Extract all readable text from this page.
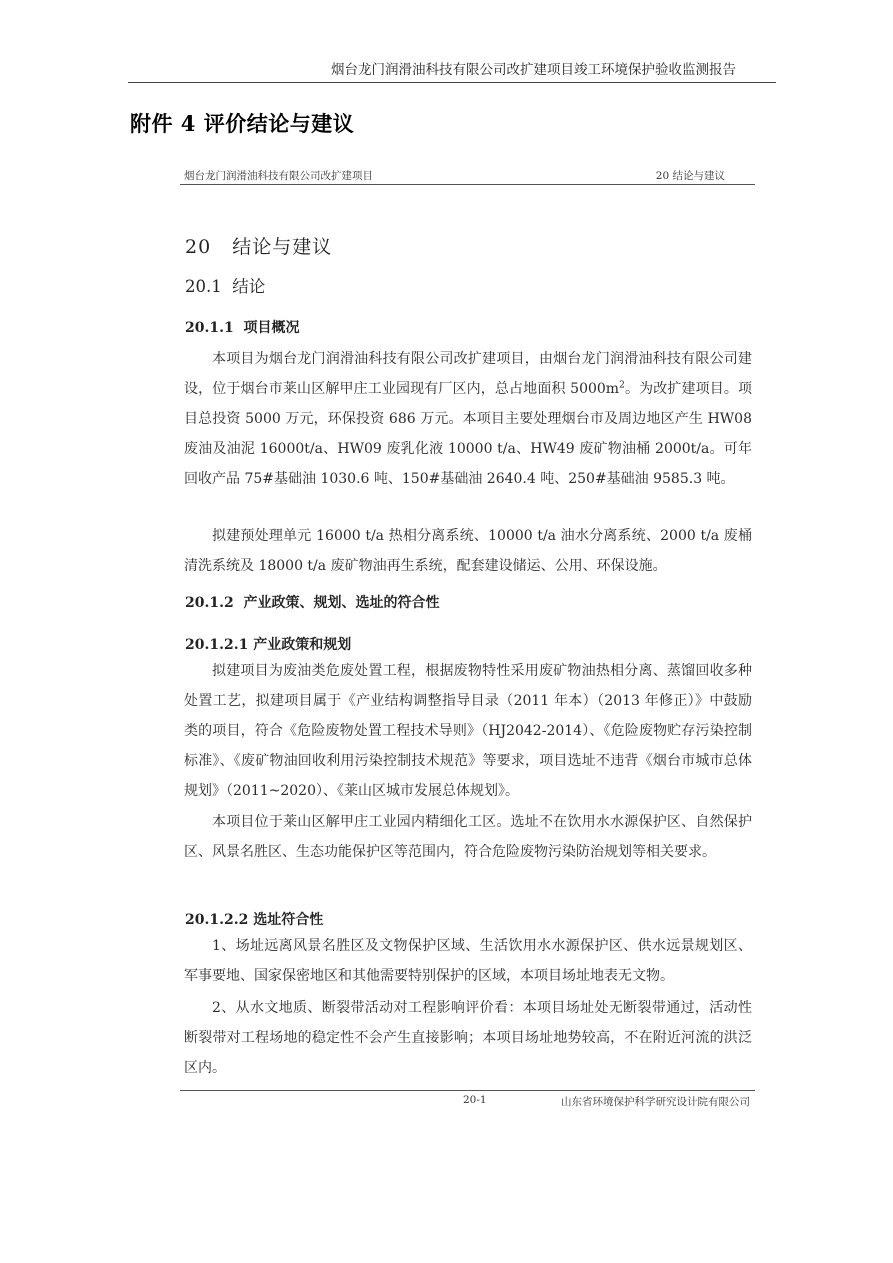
烟台龙门润滑油科技有限公司改扩建项目竣工环境保护验收监测报告
附件 4 评价结论与建议
烟台龙门润滑油科技有限公司改扩建项目	20 结论与建议
20   结论与建议
20.1  结论
20.1.1  项目概况
本项目为烟台龙门润滑油科技有限公司改扩建项目，由烟台龙门润滑油科技有限公司建设，位于烟台市莱山区解甲庄工业园现有厂区内，总占地面积 $5000m^2$。为改扩建项目。项目总投资 5000 万元，环保投资 686 万元。本项目主要处理烟台市及周边地区产生 HW08 废油及油泥 16000t/a、HW09 废乳化液 10000 t/a、HW49 废矿物油桶 2000t/a。可年回收产品 75#基础油 1030.6 吨、150#基础油 2640.4 吨、250#基础油 9585.3 吨。
拟建预处理单元 16000 t/a 热相分离系统、10000 t/a 油水分离系统、2000 t/a 废桶清洗系统及 18000 t/a 废矿物油再生系统，配套建设储运、公用、环保设施。
20.1.2  产业政策、规划、选址的符合性
20.1.2.1 产业政策和规划
拟建项目为废油类危废处置工程，根据废物特性采用废矿物油热相分离、蒸馏回收多种处置工艺，拟建项目属于《产业结构调整指导目录（2011 年本）（2013 年修正）》中鼓励类的项目，符合《危险废物处置工程技术导则》（HJ2042-2014）、《危险废物贮存污染控制标准》、《废矿物油回收利用污染控制技术规范》等要求，项目选址不违背《烟台市城市总体规划》（2011~2020）、《莱山区城市发展总体规划》。
本项目位于莱山区解甲庄工业园内精细化工区。选址不在饮用水水源保护区、自然保护区、风景名胜区、生态功能保护区等范围内，符合危险废物污染防治规划等相关要求。
20.1.2.2 选址符合性
1、场址远离风景名胜区及文物保护区域、生活饮用水水源保护区、供水远景规划区、军事要地、国家保密地区和其他需要特别保护的区域，本项目场址地表无文物。
2、从水文地质、断裂带活动对工程影响评价看：本项目场址处无断裂带通过，活动性断裂带对工程场地的稳定性不会产生直接影响；本项目场址地势较高，不在附近河流的洪泛区内。
20-1	山东省环境保护科学研究设计院有限公司
